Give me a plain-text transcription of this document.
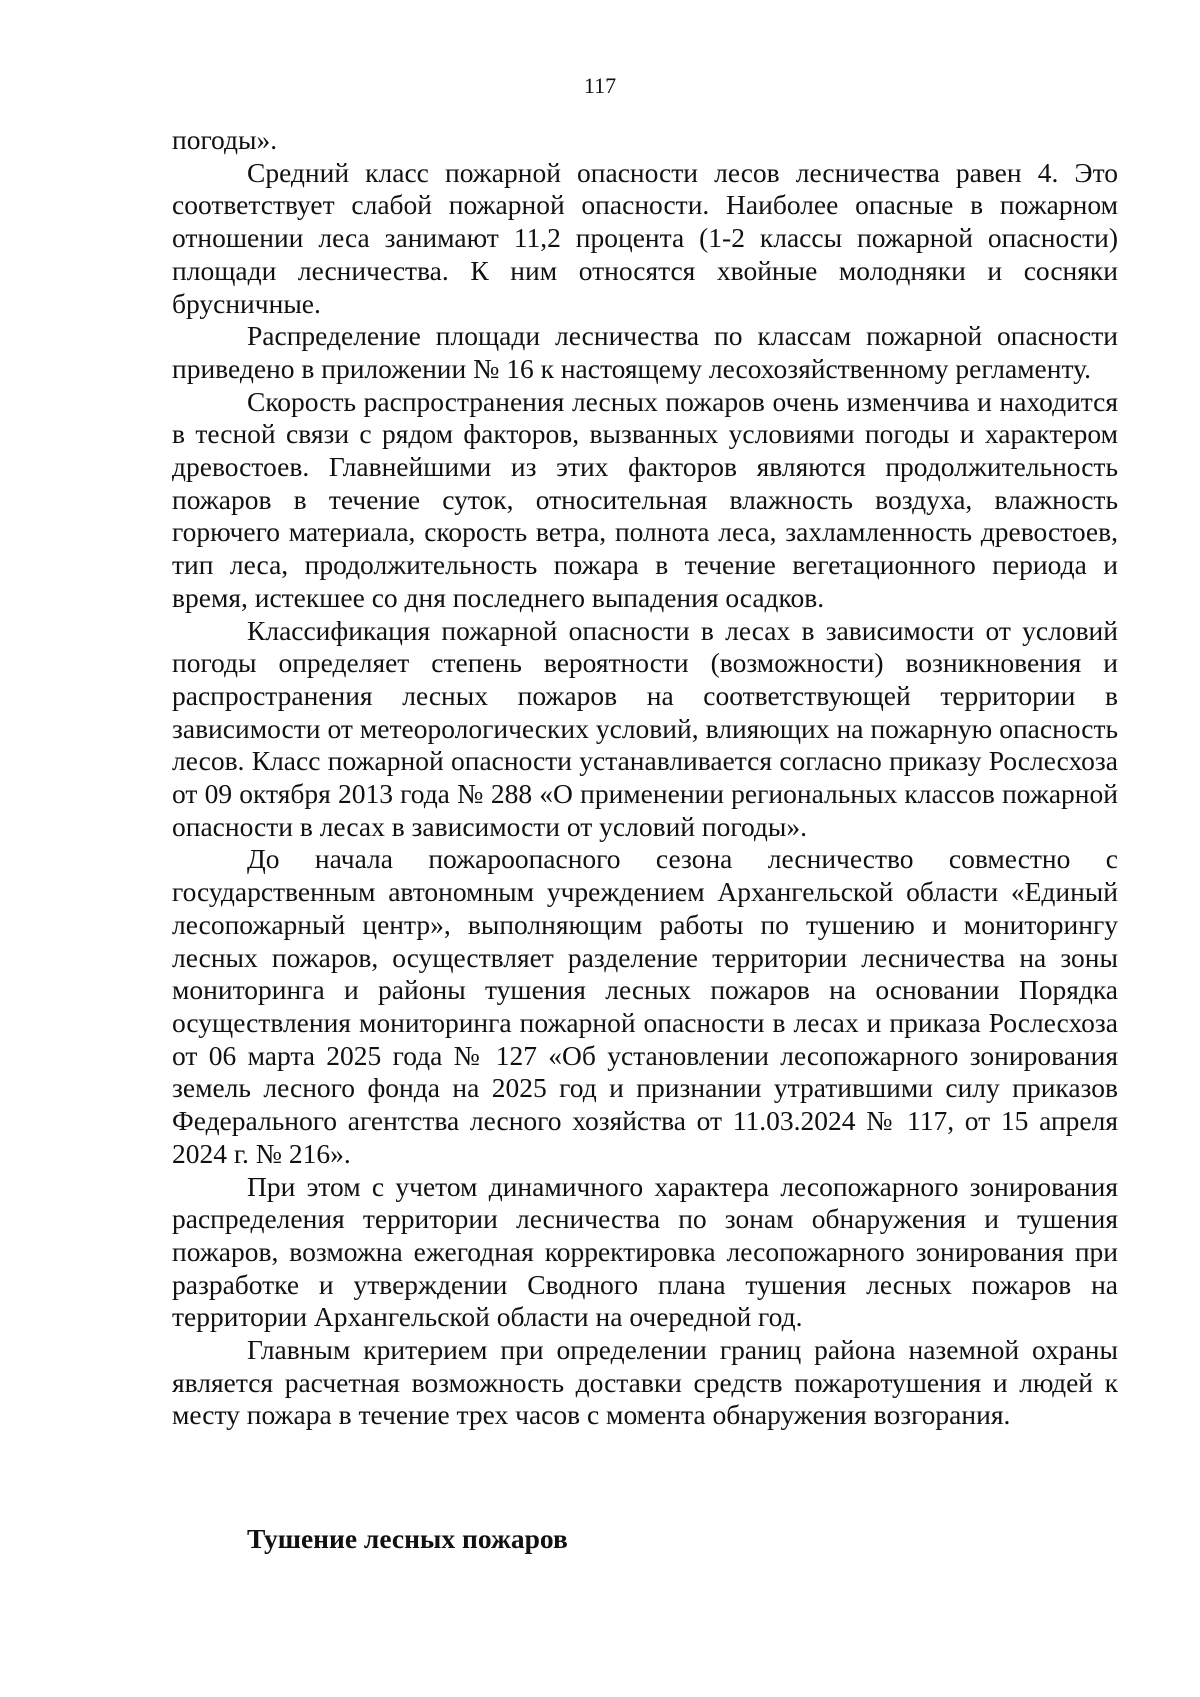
117

погоды».

Средний класс пожарной опасности лесов лесничества равен 4. Это соответствует слабой пожарной опасности. Наиболее опасные в пожарном отношении леса занимают 11,2 процента (1-2 классы пожарной опасности) площади лесничества. К ним относятся хвойные молодняки и сосняки брусничные.

Распределение площади лесничества по классам пожарной опасности приведено в приложении № 16 к настоящему лесохозяйственному регламенту.

Скорость распространения лесных пожаров очень изменчива и находится в тесной связи с рядом факторов, вызванных условиями погоды и характером древостоев. Главнейшими из этих факторов являются продолжительность пожаров в течение суток, относительная влажность воздуха, влажность горючего материала, скорость ветра, полнота леса, захламленность древостоев, тип леса, продолжительность пожара в течение вегетационного периода и время, истекшее со дня последнего выпадения осадков.

Классификация пожарной опасности в лесах в зависимости от условий погоды определяет степень вероятности (возможности) возникновения и распространения лесных пожаров на соответствующей территории в зависимости от метеорологических условий, влияющих на пожарную опасность лесов. Класс пожарной опасности устанавливается согласно приказу Рослесхоза от 09 октября 2013 года № 288 «О применении региональных классов пожарной опасности в лесах в зависимости от условий погоды».

До начала пожароопасного сезона лесничество совместно с государственным автономным учреждением Архангельской области «Единый лесопожарный центр», выполняющим работы по тушению и мониторингу лесных пожаров, осуществляет разделение территории лесничества на зоны мониторинга и районы тушения лесных пожаров на основании Порядка осуществления мониторинга пожарной опасности в лесах и приказа Рослесхоза от 06 марта 2025 года № 127 «Об установлении лесопожарного зонирования земель лесного фонда на 2025 год и признании утратившими силу приказов Федерального агентства лесного хозяйства от 11.03.2024 № 117, от 15 апреля 2024 г. № 216».

При этом с учетом динамичного характера лесопожарного зонирования распределения территории лесничества по зонам обнаружения и тушения пожаров, возможна ежегодная корректировка лесопожарного зонирования при разработке и утверждении Сводного плана тушения лесных пожаров на территории Архангельской области на очередной год.

Главным критерием при определении границ района наземной охраны является расчетная возможность доставки средств пожаротушения и людей к месту пожара в течение трех часов с момента обнаружения возгорания.

Тушение лесных пожаров
